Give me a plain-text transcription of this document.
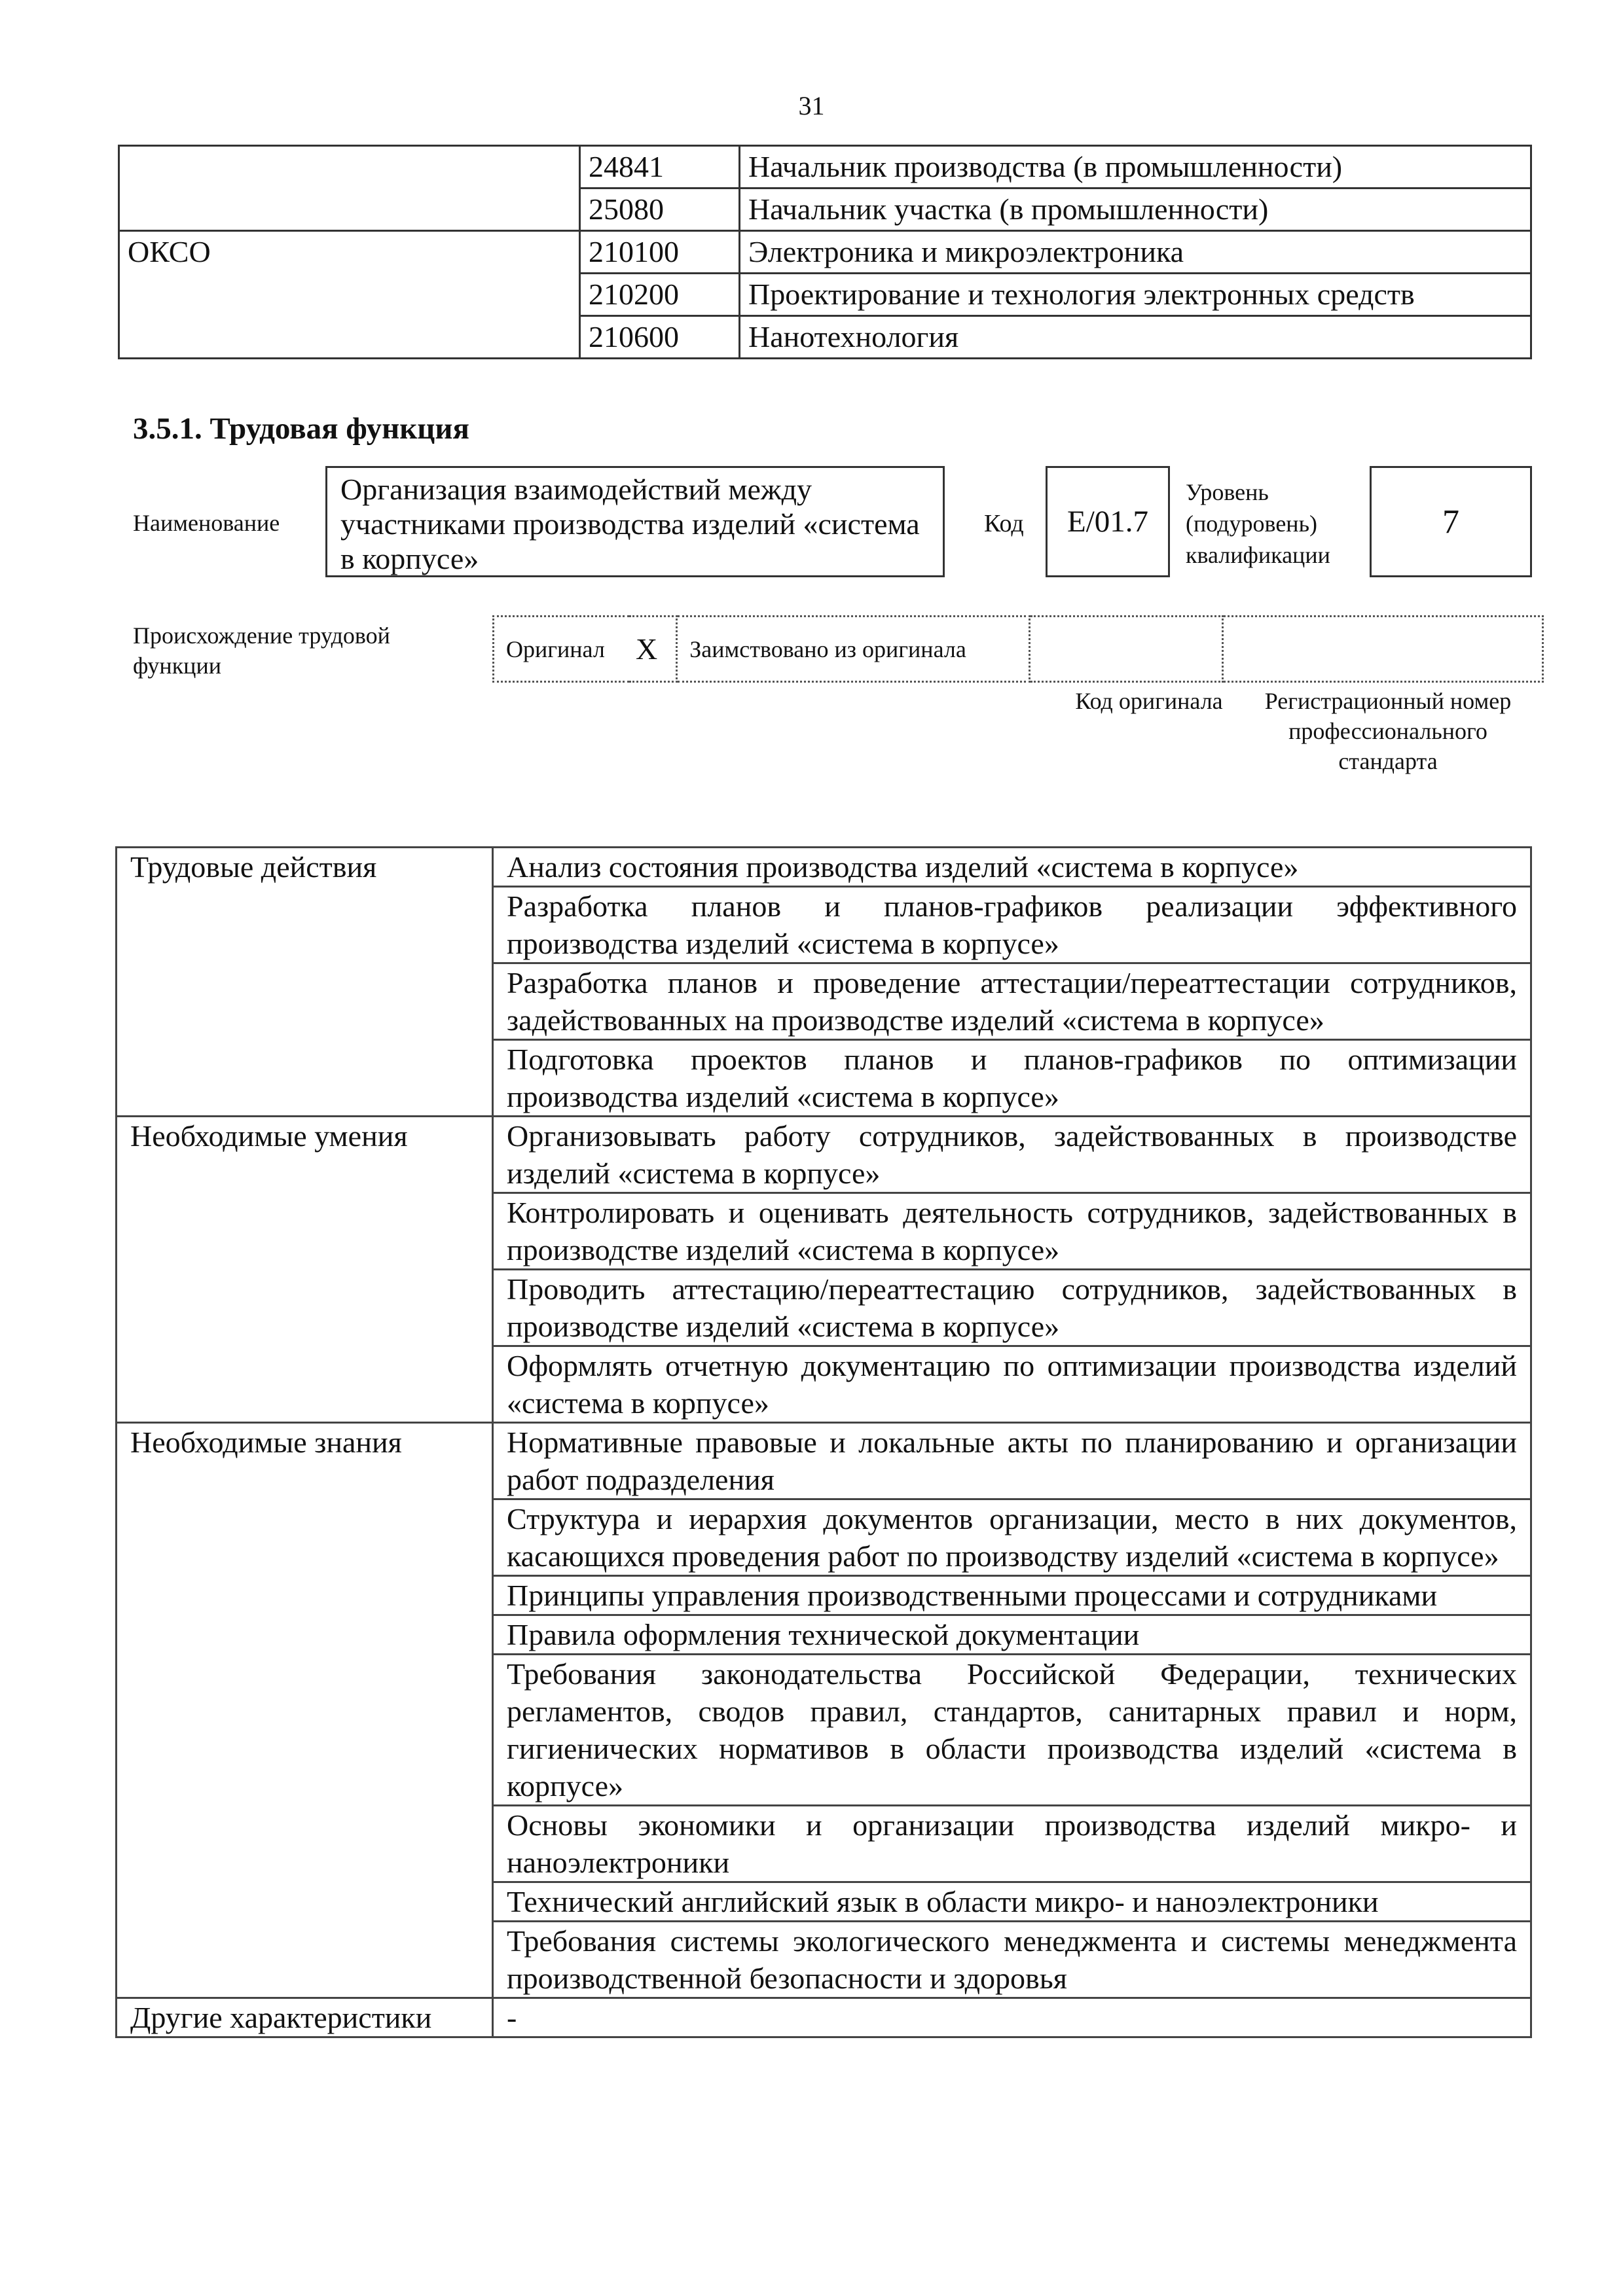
31
	24841	Начальник производства (в промышленности)
	25080	Начальник участка (в промышленности)
ОКСО	210100	Электроника и микроэлектроника
	210200	Проектирование и технология электронных средств
	210600	Нанотехнология
3.5.1. Трудовая функция
Наименование
Организация взаимодействий между участниками производства изделий «система в корпусе»
Код	E/01.7
Уровень (подуровень) квалификации
7
Происхождение трудовой функции
Оригинал	X	Заимствовано из оригинала		
Код оригинала	Регистрационный номер профессионального стандарта
Трудовые действия	Анализ состояния производства изделий «система в корпусе»
	Разработка планов и планов-графиков реализации эффективного производства изделий «система в корпусе»
	Разработка планов и проведение аттестации/переаттестации сотрудников, задействованных на производстве изделий «система в корпусе»
	Подготовка проектов планов и планов-графиков по оптимизации производства изделий «система в корпусе»
Необходимые умения	Организовывать работу сотрудников, задействованных в производстве изделий «система в корпусе»
	Контролировать и оценивать деятельность сотрудников, задействованных в производстве изделий «система в корпусе»
	Проводить аттестацию/переаттестацию сотрудников, задействованных в производстве изделий «система в корпусе»
	Оформлять отчетную документацию по оптимизации производства изделий «система в корпусе»
Необходимые знания	Нормативные правовые и локальные акты по планированию и организации работ подразделения
	Структура и иерархия документов организации, место в них документов, касающихся проведения работ по производству изделий «система в корпусе»
	Принципы управления производственными процессами и сотрудниками
	Правила оформления технической документации
	Требования законодательства Российской Федерации, технических регламентов, сводов правил, стандартов, санитарных правил и норм, гигиенических нормативов в области производства изделий «система в корпусе»
	Основы экономики и организации производства изделий микро- и наноэлектроники
	Технический английский язык в области микро- и наноэлектроники
	Требования системы экологического менеджмента и системы менеджмента производственной безопасности и здоровья
Другие характеристики	-
